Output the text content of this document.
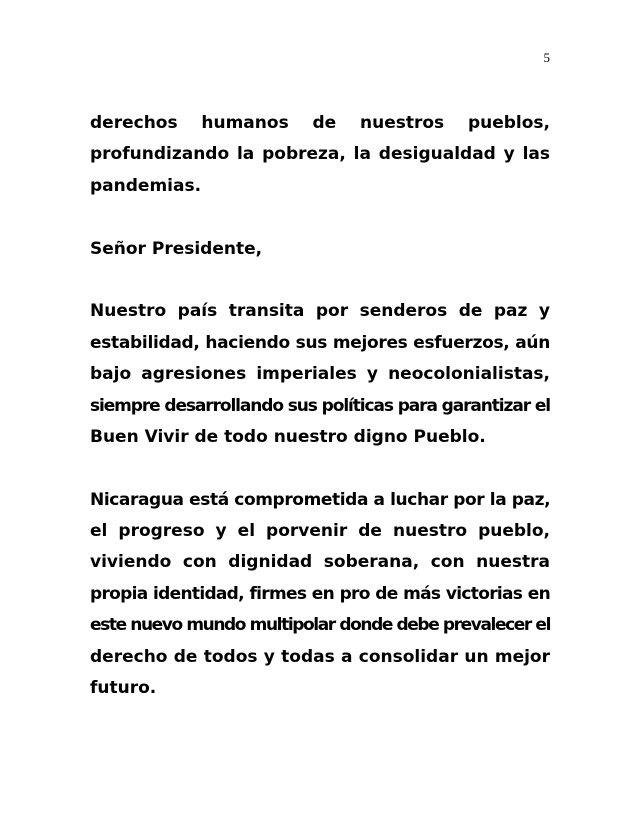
5
derechos humanos de nuestros pueblos,
profundizando la pobreza, la desigualdad y las
pandemias.
Señor Presidente,
Nuestro país transita por senderos de paz y
estabilidad, haciendo sus mejores esfuerzos, aún
bajo agresiones imperiales y neocolonialistas,
siempre desarrollando sus políticas para garantizar el
Buen Vivir de todo nuestro digno Pueblo.
Nicaragua está comprometida a luchar por la paz,
el progreso y el porvenir de nuestro pueblo,
viviendo con dignidad soberana, con nuestra
propia identidad, firmes en pro de más victorias en
este nuevo mundo multipolar donde debe prevalecer el
derecho de todos y todas a consolidar un mejor
futuro.
